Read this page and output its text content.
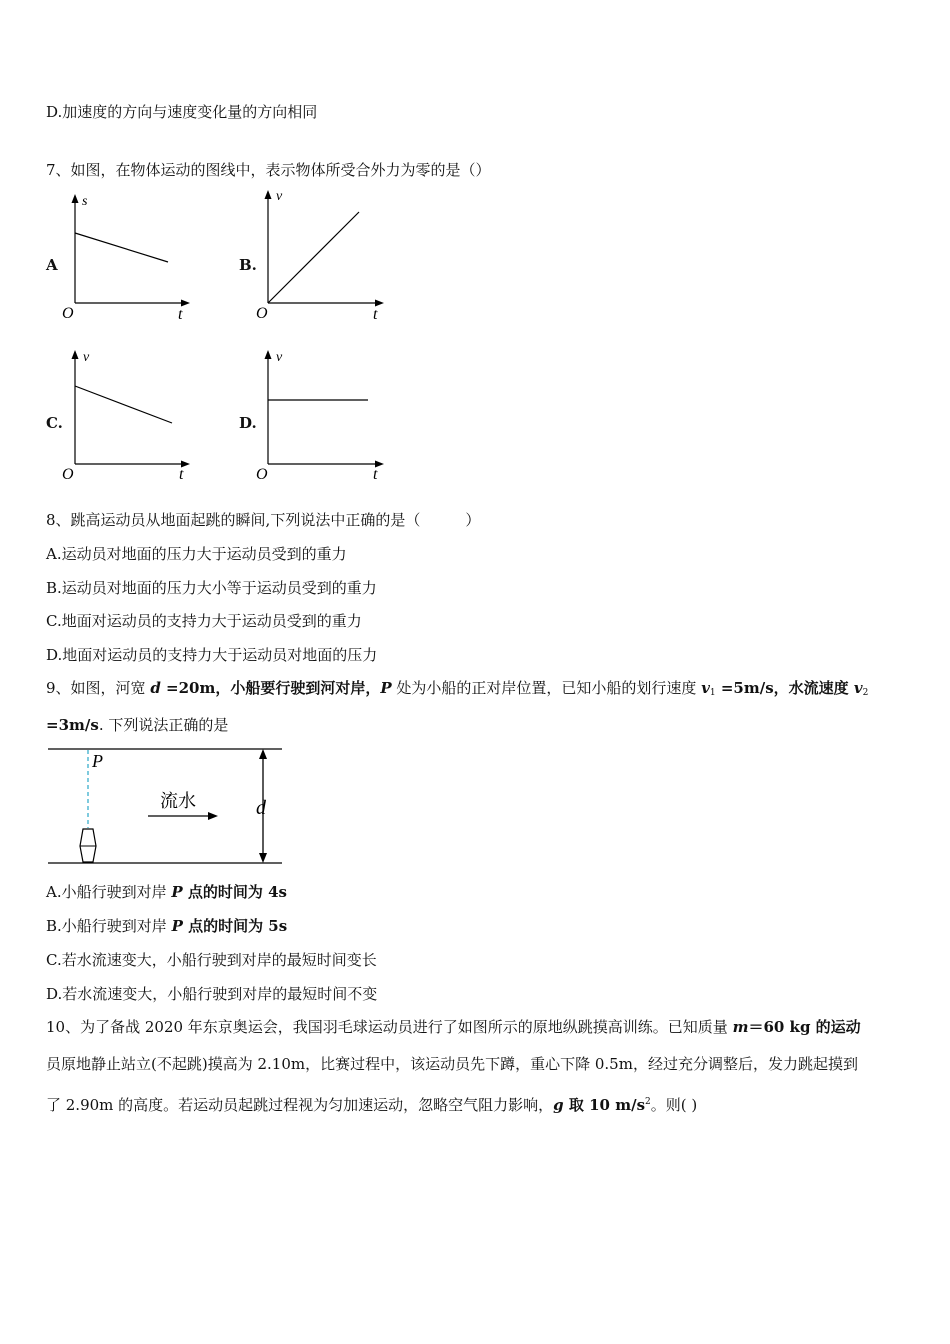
D.加速度的方向与速度变化量的方向相同
7、如图，在物体运动的图线中，表示物体所受合外力为零的是（）
A
s
O	t
B.
v
O	t
C.
v
O	t
D.
v
O	t
8、跳高运动员从地面起跳的瞬间,下列说法中正确的是（　　　）
A.运动员对地面的压力大于运动员受到的重力
B.运动员对地面的压力大小等于运动员受到的重力
C.地面对运动员的支持力大于运动员受到的重力
D.地面对运动员的支持力大于运动员对地面的压力
9、如图，河宽 d =20m，小船要行驶到河对岸，P 处为小船的正对岸位置，已知小船的划行速度 $v_1 =5m/s$，水流速度 $v_2$
=3m/s. 下列说法正确的是
P
流水	d
A.小船行驶到对岸 P 点的时间为 4s
B.小船行驶到对岸 P 点的时间为 5s
C.若水流速变大，小船行驶到对岸的最短时间变长
D.若水流速变大，小船行驶到对岸的最短时间不变
10、为了备战 2020 年东京奥运会，我国羽毛球运动员进行了如图所示的原地纵跳摸高训练。已知质量 m＝60 kg 的运动
员原地静止站立(不起跳)摸高为 2.10m，比赛过程中，该运动员先下蹲，重心下降 0.5m，经过充分调整后，发力跳起摸到
了 2.90m 的高度。若运动员起跳过程视为匀加速运动，忽略空气阻力影响，g 取 10 $m/s^2$。则( )
